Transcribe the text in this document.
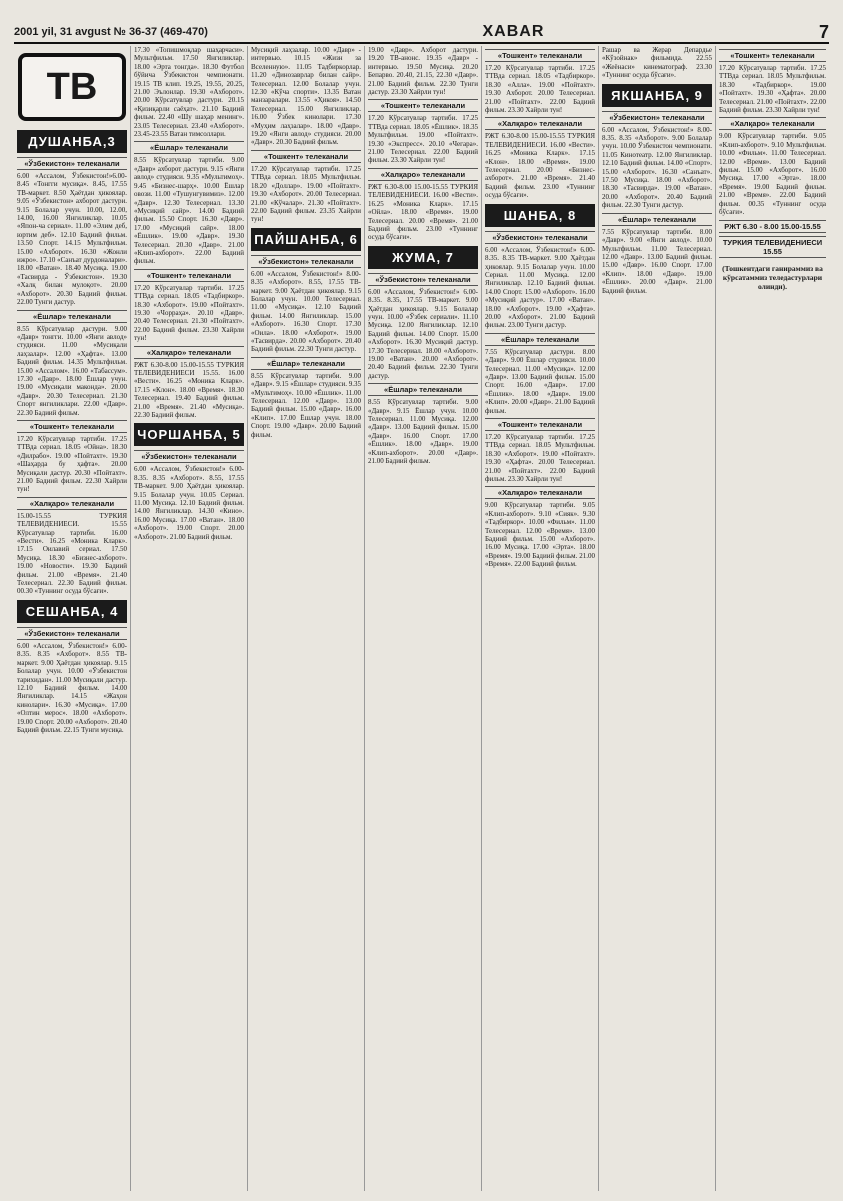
2001 yil, 31 avgust № 36-37 (469-470)	XABAR	7
TB
ДУШАНБА,3
«Ўзбекистон» телеканали
6.00 «Ассалом, Ўзбекистон!»6.00-8.45 «Тонгги мусиқа». 8.45, 17.55 ТВ-маркет. 8.50 Ҳаётдан ҳикоялар. 9.05 «Ўзбекистон» ахборот дастури. 9.15 Болалар учун. 10.00, 12.00, 14.00, 16.00 Янгиликлар. 10.05 «Япон-ча сериал». 11.00 «Элим деб, юртим деб». 12.10 Бадиий фильм. 13.50 Спорт. 14.15 Мультфильм. 15.00 «Ахборот». 16.30 «Жонли ижро». 17.10 «Санъат дурдоналари». 18.00 «Ватан». 18.40 Мусиқа. 19.00 «Тасвирда - Ўзбекистон». 19.30 «Халқ билан мулоқот». 20.00 «Ахборот». 20.30 Бадиий фильм. 22.00 Тунги дастур.
«Ёшлар» телеканали
8.55 Кўрсатувлар дастури. 9.00 «Давр» тонгги. 10.00 «Янги авлод» студияси. 11.00 «Мусиқали лаҳзалар». 12.00 «Ҳафта». 13.00 Бадиий фильм. 14.35 Мультфильм. 15.00 «Ассалом». 16.00 «Табассум». 17.30 «Давр». 18.00 Ёшлар учун. 19.00 «Мусиқали маконда». 20.00 «Давр». 20.30 Телесериал. 21.30 Спорт янгиликлари. 22.00 «Давр». 22.30 Бадиий фильм.
«Тошкент» телеканали
17.20 Кўрсатувлар тартиби. 17.25 ТТВда сериал. 18.05 «Ойна». 18.30 «Дилрабо». 19.00 «Пойтахт». 19.30 «Шаҳарда бу ҳафта». 20.00 Мусиқали дастур. 20.30 «Пойтахт». 21.00 Бадиий фильм. 22.30 Хайрли тун!
«Халқаро» телеканали
15.00-15.55 ТУРКИЯ ТЕЛЕВИДЕНИЕСИ. 15.55 Кўрсатувлар тартиби. 16.00 «Вести». 16.25 «Моника Кларк». 17.15 Оилавий сериал. 17.50 Мусиқа. 18.30 «Бизнес-ахборот». 19.00 «Новости». 19.30 Бадиий фильм. 21.00 «Время». 21.40 Телесериал. 22.30 Бадиий фильм. 00.30 «Туннинг осуда бўсағи».
СЕШАНБА, 4
«Ўзбекистон» телеканали
6.00 «Ассалом, Ўзбекистон!» 6.00-8.35. 8.35 «Ахборот». 8.55 ТВ-маркет. 9.00 Ҳаётдан ҳикоялар. 9.15 Болалар учун. 10.00 «Ўзбекистон тарихидан». 11.00 Мусиқали дастур. 12.10 Бадиий фильм. 14.00 Янгиликлар. 14.15 «Жаҳон кинолари». 16.30 «Мусиқа». 17.00 «Олтин мерос». 18.00 «Ахборот». 19.00 Спорт. 20.00 «Ахборот». 20.40 Бадиий фильм. 22.15 Тунги мусиқа.
17.30 «Топишмоқлар шаҳарчаси». Мультфильм. 17.50 Янгиликлар. 18.00 «Эрта тонгда». 18.30 Футбол бўйича Ўзбекистон чемпионати. 19.15 ТВ клип. 19.25, 19.55, 20.25, 21.00 Эълонлар. 19.30 «Ахборот». 20.00 Кўрсатувлар дастури. 20.15 «Қизиқарли саёҳат». 21.10 Бадиий фильм. 22.40 «Шу шаҳар менинг». 23.05 Телесериал. 23.40 «Ахборот». 23.45-23.55 Ватан тимсоллари.
«Ёшлар» телеканали
8.55 Кўрсатувлар тартиби. 9.00 «Давр» ахборот дастури. 9.15 «Янги авлод» студияси. 9.35 «Мультимоҳ». 9.45 «Бизнес-шарҳ». 10.00 Ёшлар овози. 11.00 «Тушунгувимиз». 12.00 «Давр». 12.30 Телесериал. 13.30 «Мусиқий сайр». 14.00 Бадиий фильм. 15.50 Спорт. 16.30 «Давр». 17.00 «Мусиқий сайр». 18.00 «Ёшлик». 19.00 «Давр». 19.30 Телесериал. 20.30 «Давр». 21.00 «Клип-ахборот». 22.00 Бадиий фильм.
«Тошкент» телеканали
17.20 Кўрсатувлар тартиби. 17.25 ТТВда сериал. 18.05 «Тадбиркор». 18.30 «Ахборот». 19.00 «Пойтахт». 19.30 «Чорраҳа». 20.10 «Давр». 20.40 Телесериал. 21.30 «Пойтахт». 22.00 Бадиий фильм. 23.30 Хайрли тун!
«Халқаро» телеканали
РЖТ 6.30-8.00 15.00-15.55 ТУРКИЯ ТЕЛЕВИДЕНИЕСИ 15.55. 16.00 «Вести». 16.25 «Моника Кларк». 17.15 «Клон». 18.00 «Время». 18.30 Телесериал. 19.40 Бадиий фильм. 21.00 «Время». 21.40 «Мусиқа». 22.30 Бадиий фильм.
ЧОРШАНБА, 5
«Ўзбекистон» телеканали
6.00 «Ассалом, Ўзбекистон!» 6.00-8.35. 8.35 «Ахборот». 8.55, 17.55 ТВ-маркет. 9.00 Ҳаётдан ҳикоялар. 9.15 Болалар учун. 10.05 Сериал. 11.00 Мусиқа. 12.10 Бадиий фильм. 14.00 Янгиликлар. 14.30 «Кино». 16.00 Мусиқа. 17.00 «Ватан». 18.00 «Ахборот». 19.00 Спорт. 20.00 «Ахборот». 21.00 Бадиий фильм.
Мусиқий лаҳзалар. 10.00 «Давр» - интервью. 10.15 «Жизн за Вселенную». 11.05 Тадбиркорлар. 11.20 «Динозаврлар билан сайр». Телесериал. 12.00 Болалар учун. 12.30 «Кўча спорти». 13.35 Ватан манзаралари. 13.55 «Ҳикоя». 14.50 Телесериал. 15.00 Янгиликлар. 16.00 Ўзбек кинолари. 17.30 «Муҳим лаҳзалар». 18.00 «Давр». 19.20 «Янги авлод» студияси. 20.00 «Давр». 20.30 Бадиий фильм.
«Тошкент» телеканали
17.20 Кўрсатувлар тартиби. 17.25 ТТВда сериал. 18.05 Мультфильм. 18.20 «Доллар». 19.00 «Пойтахт». 19.30 «Ахборот». 20.00 Телесериал. 21.00 «Кўчалар». 21.30 «Пойтахт». 22.00 Бадиий фильм. 23.35 Хайрли тун!
ПАЙШАНБА, 6
«Ўзбекистон» телеканали
6.00 «Ассалом, Ўзбекистон!» 8.00-8.35 «Ахборот». 8.55, 17.55 ТВ-маркет. 9.00 Ҳаётдан ҳикоялар. 9.15 Болалар учун. 10.00 Телесериал. 11.00 «Мусиқа». 12.10 Бадиий фильм. 14.00 Янгиликлар. 15.00 «Ахборот». 16.30 Спорт. 17.30 «Оила». 18.00 «Ахборот». 19.00 «Тасвирда». 20.00 «Ахборот». 20.40 Бадиий фильм. 22.30 Тунги дастур.
«Ёшлар» телеканали
8.55 Кўрсатувлар тартиби. 9.00 «Давр». 9.15 «Ёшлар» студияси. 9.35 «Мультимоҳ». 10.00 «Ёшлик». 11.00 Телесериал. 12.00 «Давр». 13.00 Бадиий фильм. 15.00 «Давр». 16.00 «Клип». 17.00 Ёшлар учун. 18.00 Спорт. 19.00 «Давр». 20.00 Бадиий фильм.
19.00 «Давр». Ахборот дастури. 19.20 ТВ-анонс. 19.35 «Давр» - интервью. 19.50 Мусиқа. 20.20 Бепарво. 20.40, 21.15, 22.30 «Давр». 21.00 Бадиий фильм. 22.30 Тунги дастур. 23.30 Хайрли тун!
«Тошкент» телеканали
17.20 Кўрсатувлар тартиби. 17.25 ТТВда сериал. 18.05 «Ёшлик». 18.35 Мультфильм. 19.00 «Пойтахт». 19.30 «Экспресс». 20.10 «Чегара». 21.00 Телесериал. 22.00 Бадиий фильм. 23.30 Хайрли тун!
«Халқаро» телеканали
РЖТ 6.30-8.00 15.00-15.55 ТУРКИЯ ТЕЛЕВИДЕНИЕСИ. 16.00 «Вести». 16.25 «Моника Кларк». 17.15 «Ойла». 18.00 «Время». 19.00 Телесериал. 20.00 «Время». 21.00 Бадиий фильм. 23.00 «Туннинг осуда бўсағи».
ЖУМА, 7
«Ўзбекистон» телеканали
6.00 «Ассалом, Ўзбекистон!» 6.00-8.35. 8.35, 17.55 ТВ-маркет. 9.00 Ҳаётдан ҳикоялар. 9.15 Болалар учун. 10.00 «Ўзбек сериали». 11.10 Мусиқа. 12.00 Янгиликлар. 12.10 Бадиий фильм. 14.00 Спорт. 15.00 «Ахборот». 16.30 Мусиқий дастур. 17.30 Телесериал. 18.00 «Ахборот». 19.00 «Ватан». 20.00 «Ахборот». 20.40 Бадиий фильм. 22.30 Тунги дастур.
«Ёшлар» телеканали
8.55 Кўрсатувлар тартиби. 9.00 «Давр». 9.15 Ёшлар учун. 10.00 Телесериал. 11.00 Мусиқа. 12.00 «Давр». 13.00 Бадиий фильм. 15.00 «Давр». 16.00 Спорт. 17.00 «Ёшлик». 18.00 «Давр». 19.00 «Клип-ахборот». 20.00 «Давр». 21.00 Бадиий фильм.
«Тошкент» телеканали
17.20 Кўрсатувлар тартиби. 17.25 ТТВда сериал. 18.05 «Тадбиркор». 18.30 «Алла». 19.00 «Пойтахт». 19.30 Ахборот. 20.00 Телесериал. 21.00 «Пойтахт». 22.00 Бадиий фильм. 23.30 Хайрли тун!
«Халқаро» телеканали
РЖТ 6.30-8.00 15.00-15.55 ТУРКИЯ ТЕЛЕВИДЕНИЕСИ. 16.00 «Вести». 16.25 «Моника Кларк». 17.15 «Клон». 18.00 «Время». 19.00 Телесериал. 20.00 «Бизнес-ахборот». 21.00 «Время». 21.40 Бадиий фильм. 23.00 «Туннинг осуда бўсағи».
ШАНБА, 8
«Ўзбекистон» телеканали
6.00 «Ассалом, Ўзбекистон!» 6.00-8.35. 8.35 ТВ-маркет. 9.00 Ҳаётдан ҳикоялар. 9.15 Болалар учун. 10.00 Сериал. 11.00 Мусиқа. 12.00 Янгиликлар. 12.10 Бадиий фильм. 14.00 Спорт. 15.00 «Ахборот». 16.00 «Мусиқий дастур». 17.00 «Ватан». 18.00 «Ахборот». 19.00 «Ҳафта». 20.00 «Ахборот». 21.00 Бадиий фильм. 23.00 Тунги дастур.
«Ёшлар» телеканали
7.55 Кўрсатувлар дастури. 8.00 «Давр». 9.00 Ёшлар студияси. 10.00 Телесериал. 11.00 «Мусиқа». 12.00 «Давр». 13.00 Бадиий фильм. 15.00 Спорт. 16.00 «Давр». 17.00 «Ёшлик». 18.00 «Давр». 19.00 «Клип». 20.00 «Давр». 21.00 Бадиий фильм.
«Тошкент» телеканали
17.20 Кўрсатувлар тартиби. 17.25 ТТВда сериал. 18.05 Мультфильм. 18.30 «Ахборот». 19.00 «Пойтахт». 19.30 «Ҳафта». 20.00 Телесериал. 21.00 «Пойтахт». 22.00 Бадиий фильм. 23.30 Хайрли тун!
«Халқаро» телеканали
9.00 Кўрсатувлар тартиби. 9.05 «Клип-ахборот». 9.10 «Сияк». 9.30 «Тадбиркор». 10.00 «Фильм». 11.00 Телесериал. 12.00 «Время». 13.00 Бадиий фильм. 15.00 «Ахборот». 16.00 Мусиқа. 17.00 «Эрта». 18.00 «Время». 19.00 Бадиий фильм. 21.00 «Время». 22.00 Бадиий фильм.
Рашар ва Жерар Депардье «Кўзойнак» фильмида. 22.55 «Жеёнаси» кинематограф. 23.30 «Туннинг осуда бўсағи».
ЯКШАНБА, 9
«Ўзбекистон» телеканали
6.00 «Ассалом, Ўзбекистон!» 8.00-8.35. 8.35 «Ахборот». 9.00 Болалар учун. 10.00 Ўзбекистон чемпионати. 11.05 Кинотеатр. 12.00 Янгиликлар. 12.10 Бадиий фильм. 14.00 «Спорт». 15.00 «Ахборот». 16.30 «Санъат». 17.50 Мусиқа. 18.00 «Ахборот». 18.30 «Тасвирда». 19.00 «Ватан». 20.00 «Ахборот». 20.40 Бадиий фильм. 22.30 Тунги дастур.
«Ёшлар» телеканали
7.55 Кўрсатувлар тартиби. 8.00 «Давр». 9.00 «Янги авлод». 10.00 Мультфильм. 11.00 Телесериал. 12.00 «Давр». 13.00 Бадиий фильм. 15.00 «Давр». 16.00 Спорт. 17.00 «Клип». 18.00 «Давр». 19.00 «Ёшлик». 20.00 «Давр». 21.00 Бадиий фильм.
«Тошкент» телеканали
17.20 Кўрсатувлар тартиби. 17.25 ТТВда сериал. 18.05 Мультфильм. 18.30 «Тадбиркор». 19.00 «Пойтахт». 19.30 «Ҳафта». 20.00 Телесериал. 21.00 «Пойтахт». 22.00 Бадиий фильм. 23.30 Хайрли тун!
«Халқаро» телеканали
9.00 Кўрсатувлар тартиби. 9.05 «Клип-ахборот». 9.10 Мультфильм. 10.00 «Фильм». 11.00 Телесериал. 12.00 «Время». 13.00 Бадиий фильм. 15.00 «Ахборот». 16.00 Мусиқа. 17.00 «Эрта». 18.00 «Время». 19.00 Бадиий фильм. 21.00 «Время». 22.00 Бадиий фильм. 00.35 «Туннинг осуда бўсағи».
РЖТ 6.30 - 8.00 15.00-15.55
ТУРКИЯ ТЕЛЕВИДЕНИЕСИ 15.55
(Тошкентдаги ганираммиз ва кўрсатаммиз теледастурлари олинди).
